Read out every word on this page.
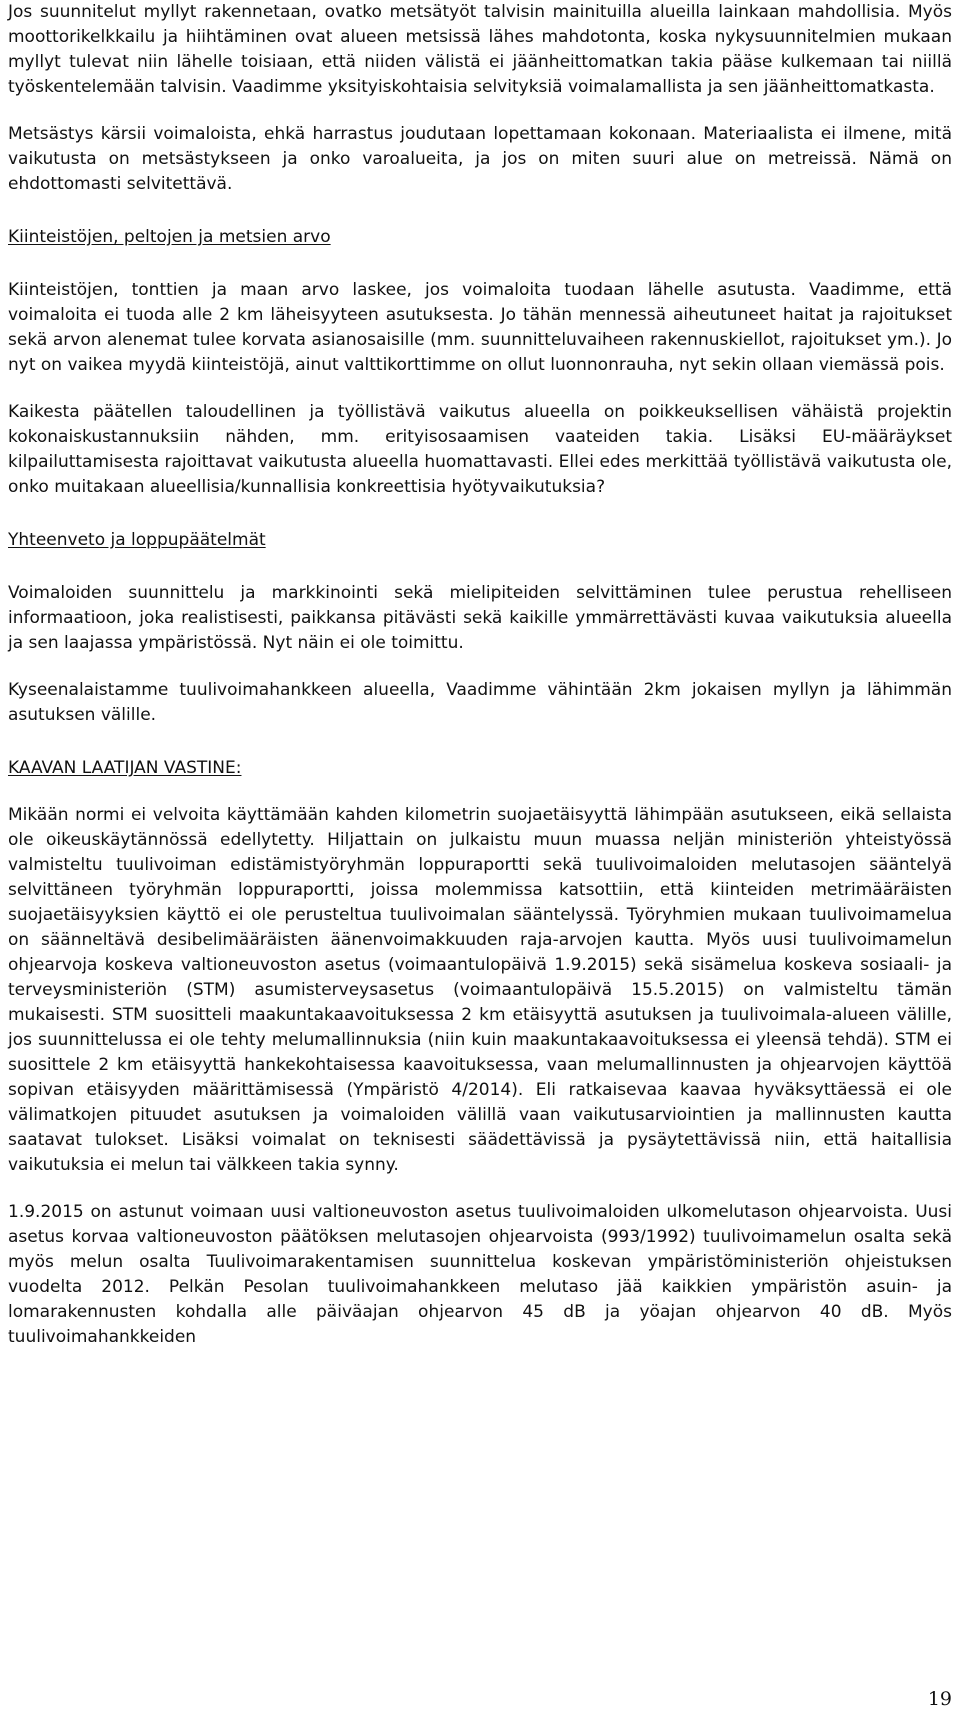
Jos suunnitelut myllyt rakennetaan, ovatko metsätyöt talvisin mainituilla alueilla lainkaan mahdollisia. Myös moottorikelkkailu ja hiihtäminen ovat alueen metsissä lähes mahdotonta, koska nykysuunnitelmien mukaan myllyt tulevat niin lähelle toisiaan, että niiden välistä ei jäänheittomatkan takia pääse kulkemaan tai niillä työskentelemään talvisin. Vaadimme yksityiskohtaisia selvityksiä voimalamallista ja sen jäänheittomatkasta.

Metsästys kärsii voimaloista, ehkä harrastus joudutaan lopettamaan kokonaan. Materiaalista ei ilmene, mitä vaikutusta on metsästykseen ja onko varoalueita, ja jos on miten suuri alue on metreissä. Nämä on ehdottomasti selvitettävä.

Kiinteistöjen, peltojen ja metsien arvo

Kiinteistöjen, tonttien ja maan arvo laskee, jos voimaloita tuodaan lähelle asutusta. Vaadimme, että voimaloita ei tuoda alle 2 km läheisyyteen asutuksesta. Jo tähän mennessä aiheutuneet haitat ja rajoitukset sekä arvon alenemat tulee korvata asianosaisille (mm. suunnitteluvaiheen rakennuskiellot, rajoitukset ym.). Jo nyt on vaikea myydä kiinteistöjä, ainut valttikorttimme on ollut luonnonrauha, nyt sekin ollaan viemässä pois.

Kaikesta päätellen taloudellinen ja työllistävä vaikutus alueella on poikkeuksellisen vähäistä projektin kokonaiskustannuksiin nähden, mm. erityisosaamisen vaateiden takia. Lisäksi EU-määräykset kilpailuttamisesta rajoittavat vaikutusta alueella huomattavasti. Ellei edes merkittää työllistävä vaikutusta ole, onko muitakaan alueellisia/kunnallisia konkreettisia hyötyvaikutuksia?

Yhteenveto ja loppupäätelmät

Voimaloiden suunnittelu ja markkinointi sekä mielipiteiden selvittäminen tulee perustua rehelliseen informaatioon, joka realistisesti, paikkansa pitävästi sekä kaikille ymmärrettävästi kuvaa vaikutuksia alueella ja sen laajassa ympäristössä. Nyt näin ei ole toimittu.

Kyseenalaistamme tuulivoimahankkeen alueella, Vaadimme vähintään 2km jokaisen myllyn ja lähimmän asutuksen välille.

KAAVAN LAATIJAN VASTINE:

Mikään normi ei velvoita käyttämään kahden kilometrin suojaetäisyyttä lähimpään asutukseen, eikä sellaista ole oikeuskäytännössä edellytetty. Hiljattain on julkaistu muun muassa neljän ministeriön yhteistyössä valmisteltu tuulivoiman edistämistyöryhmän loppuraportti sekä tuulivoimaloiden melutasojen sääntelyä selvittäneen työryhmän loppuraportti, joissa molemmissa katsottiin, että kiinteiden metrimääräisten suojaetäisyyksien käyttö ei ole perusteltua tuulivoimalan sääntelyssä. Työryhmien mukaan tuulivoimamelua on säänneltävä desibelimääräisten äänenvoimakkuuden raja-arvojen kautta. Myös uusi tuulivoimamelun ohjearvoja koskeva valtioneuvoston asetus (voimaantulopäivä 1.9.2015) sekä sisämelua koskeva sosiaali- ja terveysministeriön (STM) asumisterveysasetus (voimaantulopäivä 15.5.2015) on valmisteltu tämän mukaisesti. STM suositteli maakuntakaavoituksessa 2 km etäisyyttä asutuksen ja tuulivoimala-alueen välille, jos suunnittelussa ei ole tehty melumallinnuksia (niin kuin maakuntakaavoituksessa ei yleensä tehdä). STM ei suosittele 2 km etäisyyttä hankekohtaisessa kaavoituksessa, vaan melumallinnusten ja ohjearvojen käyttöä sopivan etäisyyden määrittämisessä (Ympäristö 4/2014). Eli ratkaisevaa kaavaa hyväksyttäessä ei ole välimatkojen pituudet asutuksen ja voimaloiden välillä vaan vaikutusarviointien ja mallinnusten kautta saatavat tulokset. Lisäksi voimalat on teknisesti säädettävissä ja pysäytettävissä niin, että haitallisia vaikutuksia ei melun tai välkkeen takia synny.

1.9.2015 on astunut voimaan uusi valtioneuvoston asetus tuulivoimaloiden ulkomelutason ohjearvoista. Uusi asetus korvaa valtioneuvoston päätöksen melutasojen ohjearvoista (993/1992) tuulivoimamelun osalta sekä myös melun osalta Tuulivoimarakentamisen suunnittelua koskevan ympäristöministeriön ohjeistuksen vuodelta 2012. Pelkän Pesolan tuulivoimahankkeen melutaso jää kaikkien ympäristön asuin- ja lomarakennusten kohdalla alle päiväajan ohjearvon 45 dB ja yöajan ohjearvon 40 dB. Myös tuulivoimahankkeiden

19
